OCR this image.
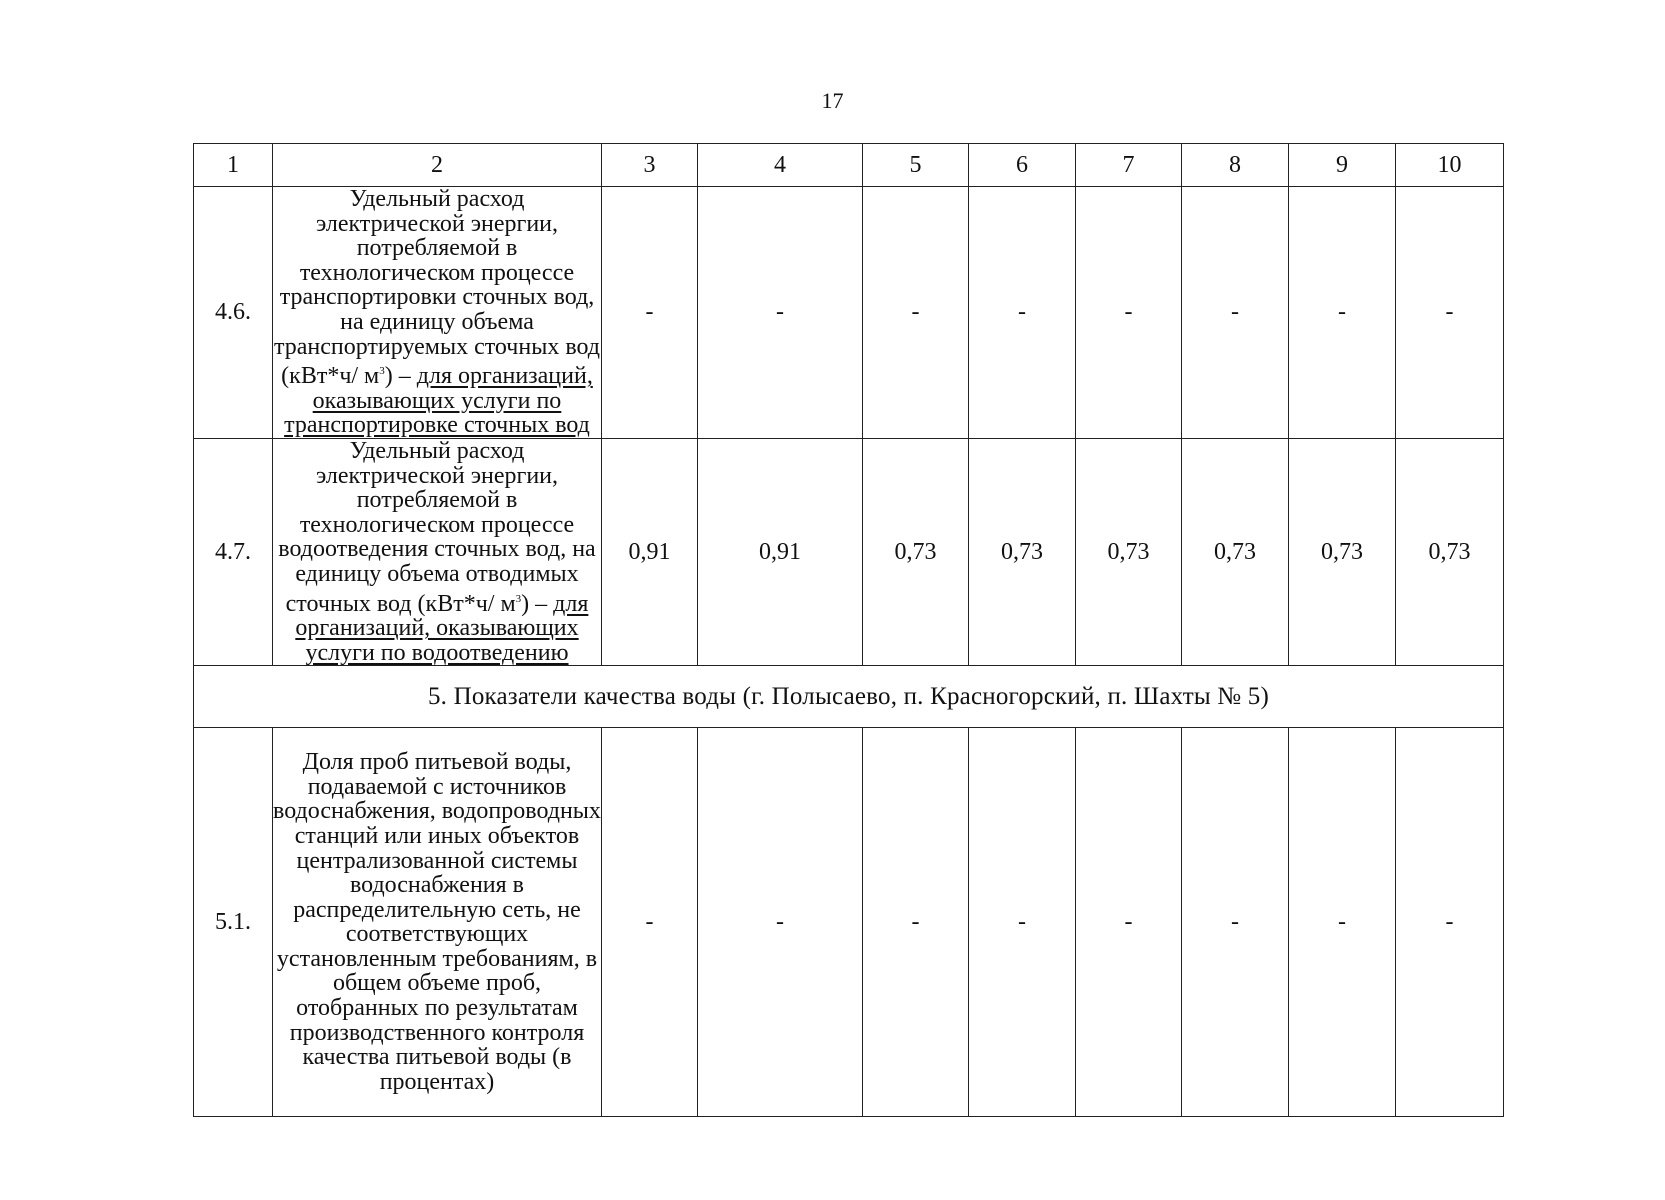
17
1	2	3	4	5	6	7	8	9	10
4.6.	Удельный расход электрической энергии, потребляемой в технологическом процессе транспортировки сточных вод, на единицу объема транспортируемых сточных вод (кВт*ч/ $м^3$) – для организаций, оказывающих услуги по транспортировке сточных вод	-	-	-	-	-	-	-	-
4.7.	Удельный расход электрической энергии, потребляемой в технологическом процессе водоотведения сточных вод, на единицу объема отводимых сточных вод (кВт*ч/ $м^3$) – для организаций, оказывающих услуги по водоотведению	0,91	0,91	0,73	0,73	0,73	0,73	0,73	0,73
5. Показатели качества воды (г. Полысаево, п. Красногорский, п. Шахты № 5)									
5.1.	Доля проб питьевой воды, подаваемой с источников водоснабжения, водопроводных станций или иных объектов централизованной системы водоснабжения в распределительную сеть, не соответствующих установленным требованиям, в общем объеме проб, отобранных по результатам производственного контроля качества питьевой воды (в процентах)	-	-	-	-	-	-	-	-
